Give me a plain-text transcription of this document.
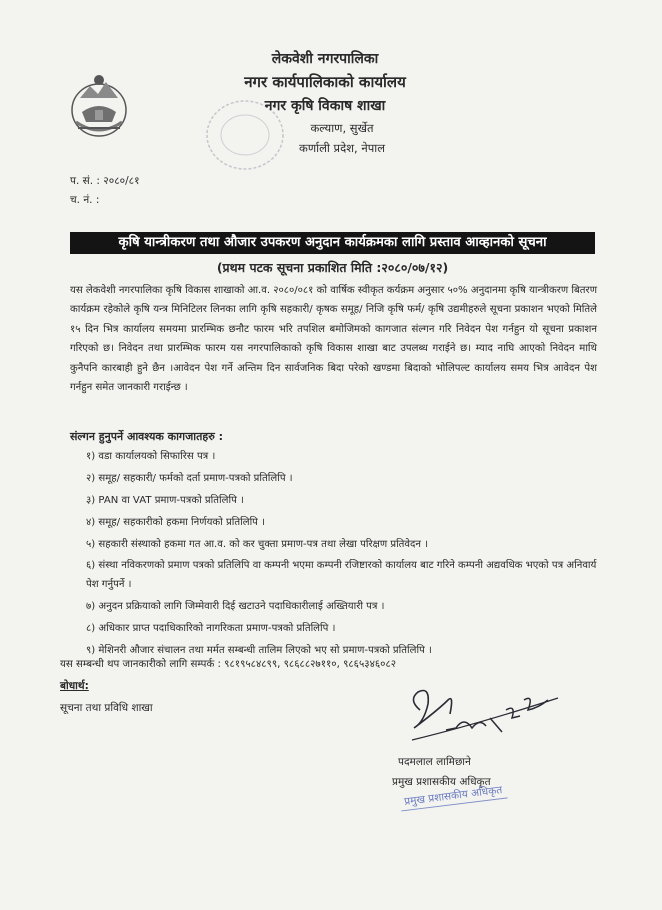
लेकवेशी नगरपालिका
नगर कार्यपालिकाको कार्यालय
नगर कृषि विकाष शाखा
कल्याण, सुर्खेत
कर्णाली प्रदेश, नेपाल
प. सं. : २०८०/८१
च. नं. :
कृषि यान्त्रीकरण तथा औजार उपकरण अनुदान कार्यक्रमका लागि प्रस्ताव आव्हानको सूचना
(प्रथम पटक सूचना प्रकाशित मिति :२०८०/०७/१२)
यस लेकवेशी नगरपालिका कृषि विकास शाखाको आ.व. २०८०/०८१ को वार्षिक स्वीकृत कर्यक्रम अनुसार ५०% अनुदानमा कृषि यान्त्रीकरण बितरण कार्यक्रम रहेकोले कृषि यन्त्र मिनिटिलर लिनका लागि कृषि सहकारी/ कृषक समूह/ निजि कृषि फर्म/ कृषि उद्यमीहरुले सूचना प्रकाशन भएको मितिले १५ दिन भित्र कार्यालय समयमा प्रारम्भिक छनौट फारम भरि तपशिल बमोजिमको कागजात संल्गन गरि निवेदन पेश गर्नहुन यो सूचना प्रकाशन गरिएको छ। निवेदन तथा प्रारम्भिक फारम यस नगरपालिकाको कृषि विकास शाखा बाट उपलब्ध गराईने छ। म्याद नाघि आएको निवेदन माथि कुनैपनि कारबाही हुने छैन ।आवेदन पेश गर्ने अन्तिम दिन सार्वजनिक बिदा परेको खण्डमा बिदाको भोलिपल्ट कार्यालय समय भित्र आवेदन पेश गर्नहुन समेत जानकारी गराईन्छ ।
संल्गन हुनुपर्ने आवश्यक कागजातहरु :
१) वडा कार्यालयको सिफारिस पत्र ।
२) समूह/ सहकारी/ फर्मको दर्ता प्रमाण-पत्रको प्रतिलिपि ।
३) PAN वा VAT प्रमाण-पत्रको प्रतिलिपि ।
४) समूह/ सहकारीको हकमा निर्णयको प्रतिलिपि ।
५) सहकारी संस्थाको हकमा गत आ.व. को कर चुक्ता प्रमाण-पत्र तथा लेखा परिक्षण प्रतिवेदन ।
६) संस्था नविकरणको प्रमाण पत्रको प्रतिलिपि वा कम्पनी भएमा कम्पनी रजिष्टारको कार्यालय बाट गरिने कम्पनी अद्यवधिक भएको पत्र अनिवार्य पेश गर्नुपर्ने ।
७) अनुदन प्रक्रियाको लागि जिम्मेवारी दिई खटाउने पदाधिकारीलाई अख्तियारी पत्र ।
८) अधिकार प्राप्त पदाधिकारिको नागरिकता प्रमाण-पत्रको प्रतिलिपि ।
९) मेशिनरी औजार संचालन तथा मर्मत सम्बन्धी तालिम लिएको भए सो प्रमाण-पत्रको प्रतिलिपि ।
यस सम्बन्धी थप जानकारीको लागि सम्पर्क : ९८१९५८४८९९, ९८६८८२७११०, ९८६५३४६०८२
बोधार्थ:
सूचना तथा प्रविधि शाखा
पदमलाल लामिछाने
प्रमुख प्रशासकीय अधिकृत
प्रमुख प्रशासकीय अधिकृत
